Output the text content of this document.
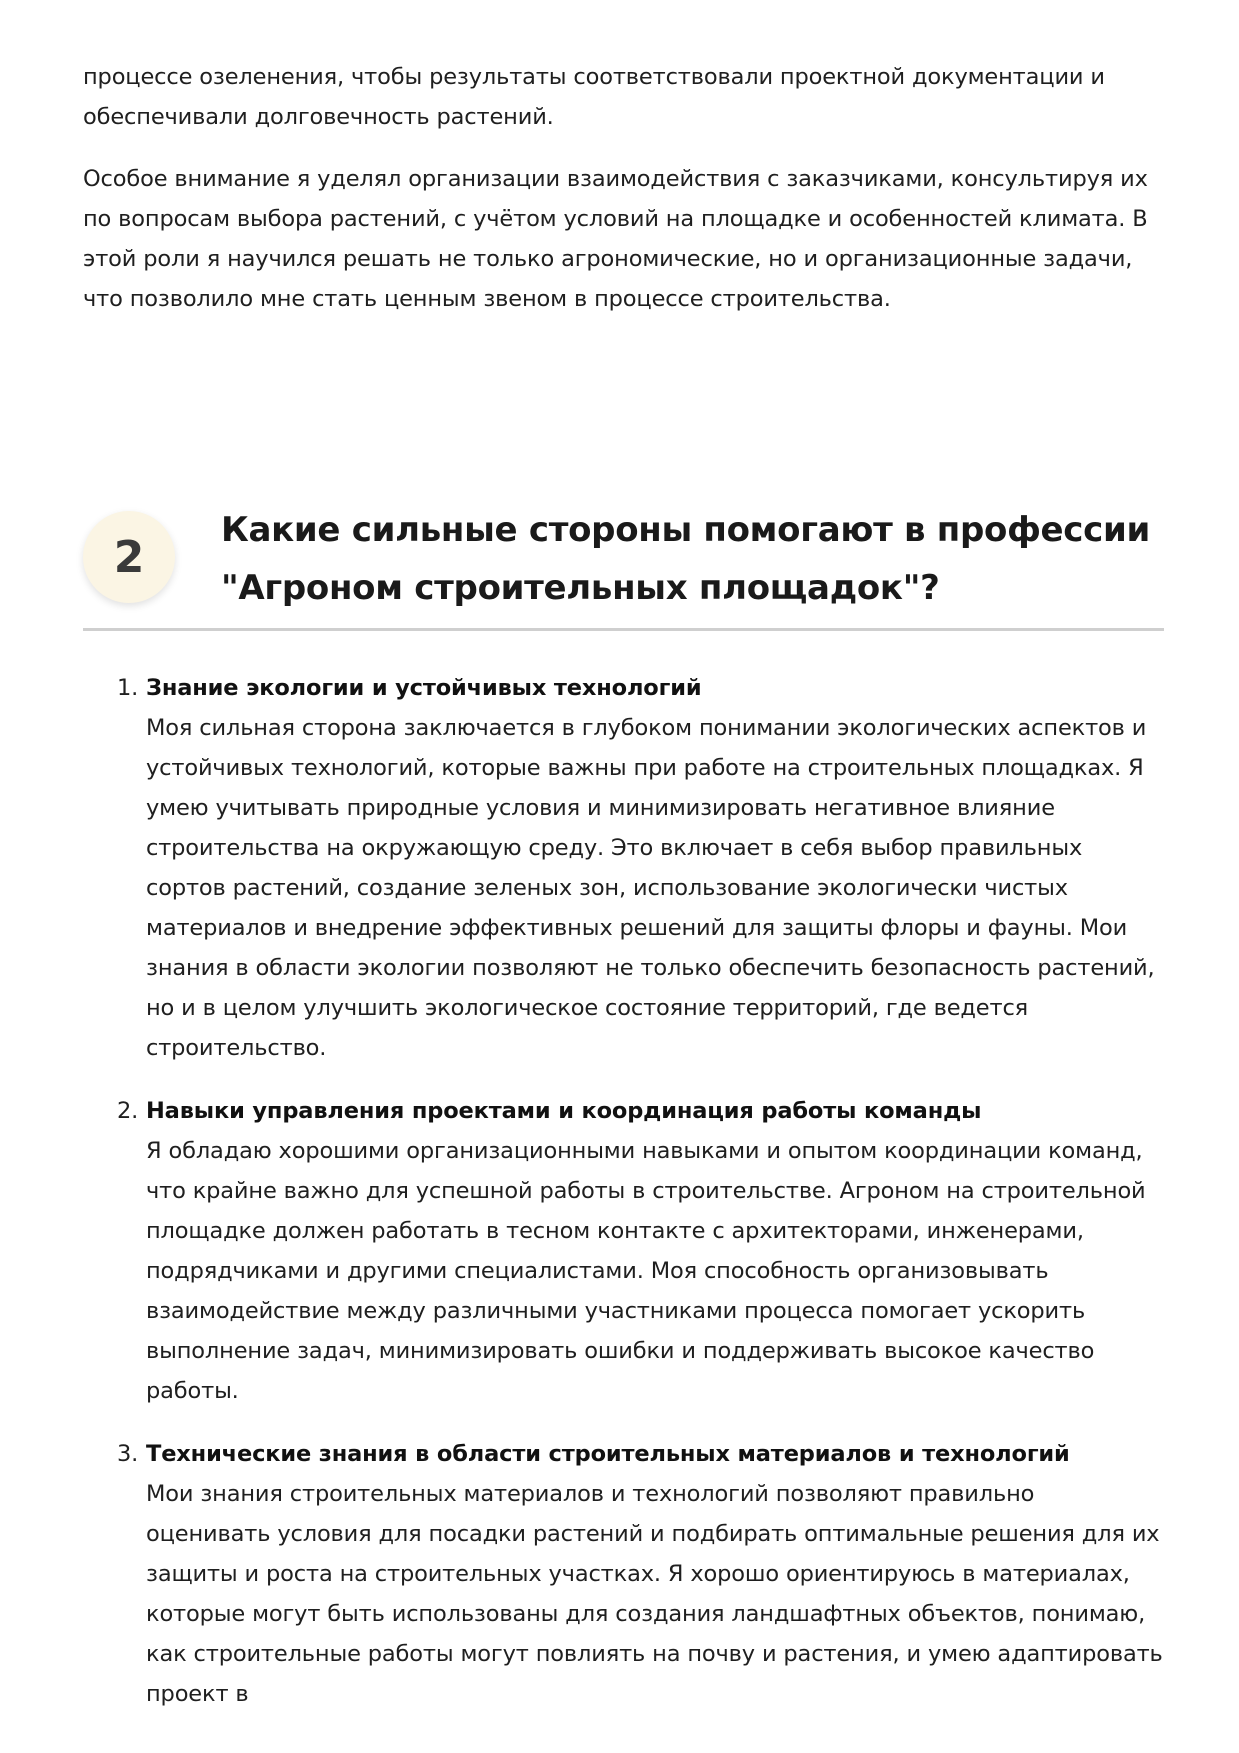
процессе озеленения, чтобы результаты соответствовали проектной документации и обеспечивали долговечность растений.

Особое внимание я уделял организации взаимодействия с заказчиками, консультируя их по вопросам выбора растений, с учётом условий на площадке и особенностей климата. В этой роли я научился решать не только агрономические, но и организационные задачи, что позволило мне стать ценным звеном в процессе строительства.

2
Какие сильные стороны помогают в профессии "Агроном строительных площадок"?
1. Знание экологии и устойчивых технологий
Моя сильная сторона заключается в глубоком понимании экологических аспектов и устойчивых технологий, которые важны при работе на строительных площадках. Я умею учитывать природные условия и минимизировать негативное влияние строительства на окружающую среду. Это включает в себя выбор правильных сортов растений, создание зеленых зон, использование экологически чистых материалов и внедрение эффективных решений для защиты флоры и фауны. Мои знания в области экологии позволяют не только обеспечить безопасность растений, но и в целом улучшить экологическое состояние территорий, где ведется строительство.
2. Навыки управления проектами и координация работы команды
Я обладаю хорошими организационными навыками и опытом координации команд, что крайне важно для успешной работы в строительстве. Агроном на строительной площадке должен работать в тесном контакте с архитекторами, инженерами, подрядчиками и другими специалистами. Моя способность организовывать взаимодействие между различными участниками процесса помогает ускорить выполнение задач, минимизировать ошибки и поддерживать высокое качество работы.
3. Технические знания в области строительных материалов и технологий
Мои знания строительных материалов и технологий позволяют правильно оценивать условия для посадки растений и подбирать оптимальные решения для их защиты и роста на строительных участках. Я хорошо ориентируюсь в материалах, которые могут быть использованы для создания ландшафтных объектов, понимаю, как строительные работы могут повлиять на почву и растения, и умею адаптировать проект в
